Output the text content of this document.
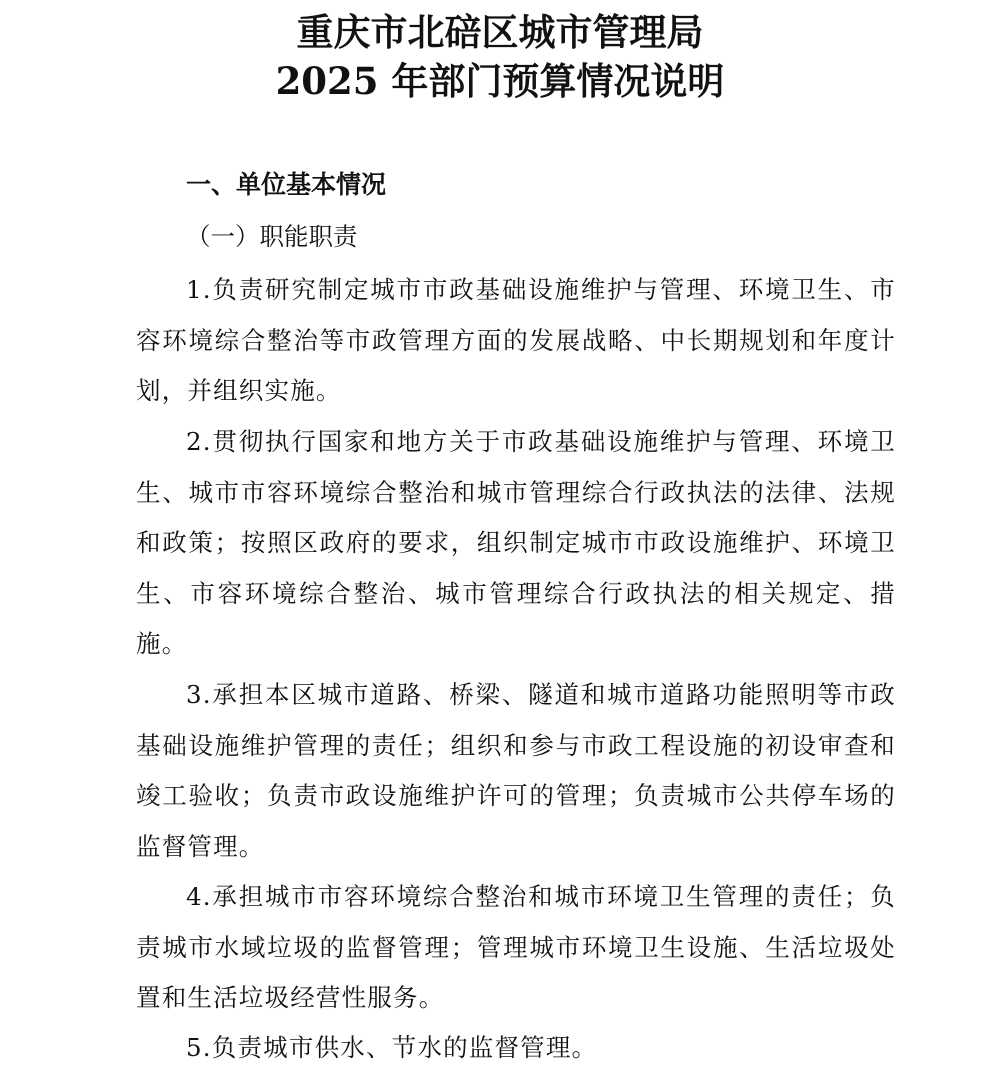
重庆市北碚区城市管理局
2025 年部门预算情况说明
一、单位基本情况
（一）职能职责

1.负责研究制定城市市政基础设施维护与管理、环境卫生、市容环境综合整治等市政管理方面的发展战略、中长期规划和年度计划，并组织实施。

2.贯彻执行国家和地方关于市政基础设施维护与管理、环境卫生、城市市容环境综合整治和城市管理综合行政执法的法律、法规和政策；按照区政府的要求，组织制定城市市政设施维护、环境卫生、市容环境综合整治、城市管理综合行政执法的相关规定、措施。

3.承担本区城市道路、桥梁、隧道和城市道路功能照明等市政基础设施维护管理的责任；组织和参与市政工程设施的初设审查和竣工验收；负责市政设施维护许可的管理；负责城市公共停车场的监督管理。

4.承担城市市容环境综合整治和城市环境卫生管理的责任；负责城市水域垃圾的监督管理；管理城市环境卫生设施、生活垃圾处置和生活垃圾经营性服务。

5.负责城市供水、节水的监督管理。
